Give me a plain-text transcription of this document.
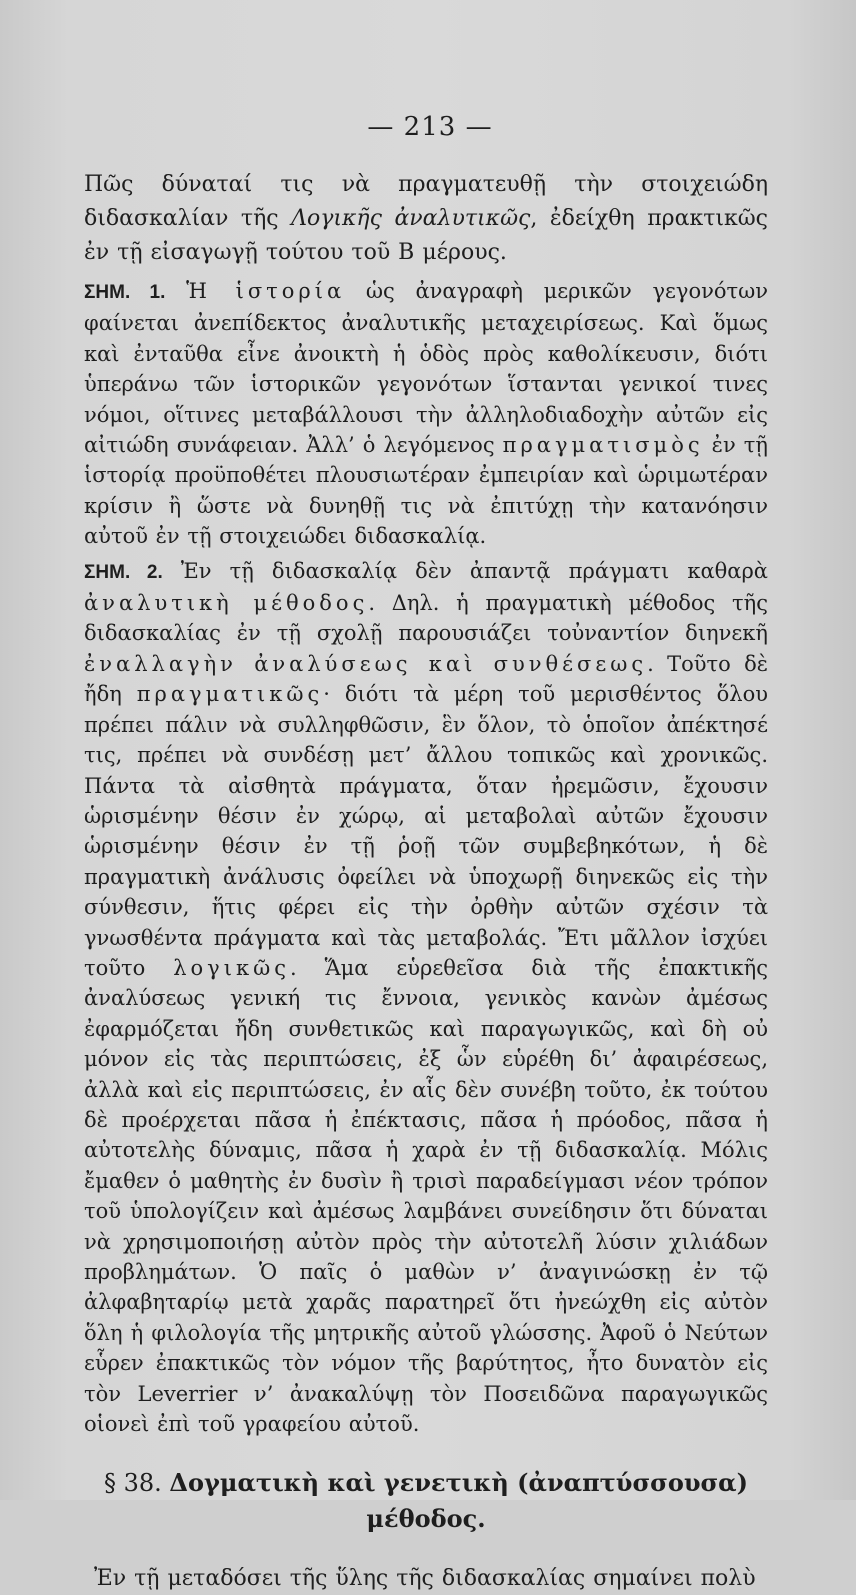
— 213 —

Πῶς δύναταί τις νὰ πραγματευθῇ τὴν στοιχειώδη διδασκαλίαν τῆς Λογικῆς ἀναλυτικῶς, ἐδείχθη πρακτικῶς ἐν τῇ εἰσαγωγῇ τούτου τοῦ Β μέρους.

ΣΗΜ. 1. Ἡ ἱστορία ὡς ἀναγραφὴ μερικῶν γεγονότων φαίνεται ἀνεπίδεκτος ἀναλυτικῆς μεταχειρίσεως. Καὶ ὅμως καὶ ἐνταῦθα εἶνε ἀνοικτὴ ἡ ὁδὸς πρὸς καθολίκευσιν, διότι ὑπεράνω τῶν ἱστορικῶν γεγονότων ἵστανται γενικοί τινες νόμοι, οἵτινες μεταβάλλουσι τὴν ἀλληλοδιαδοχὴν αὐτῶν εἰς αἰτιώδη συνάφειαν. Ἀλλ’ ὁ λεγόμενος πραγματισμὸς ἐν τῇ ἱστορίᾳ προϋποθέτει πλουσιωτέραν ἐμπειρίαν καὶ ὡριμωτέραν κρίσιν ἢ ὥστε νὰ δυνηθῇ τις νὰ ἐπιτύχῃ τὴν κατανόησιν αὐτοῦ ἐν τῇ στοιχειώδει διδασκαλίᾳ.

ΣΗΜ. 2. Ἐν τῇ διδασκαλίᾳ δὲν ἀπαντᾷ πράγματι καθαρὰ ἀναλυτικὴ μέθοδος. Δηλ. ἡ πραγματικὴ μέθοδος τῆς διδασκαλίας ἐν τῇ σχολῇ παρουσιάζει τοὐναντίον διηνεκῆ ἐναλλαγὴν ἀναλύσεως καὶ συνθέσεως. Τοῦτο δὲ ἤδη πραγματικῶς· διότι τὰ μέρη τοῦ μερισθέντος ὅλου πρέπει πάλιν νὰ συλληφθῶσιν, ἓν ὅλον, τὸ ὁποῖον ἀπέκτησέ τις, πρέπει νὰ συνδέσῃ μετ’ ἄλλου τοπικῶς καὶ χρονικῶς. Πάντα τὰ αἰσθητὰ πράγματα, ὅταν ἠρεμῶσιν, ἔχουσιν ὡρισμένην θέσιν ἐν χώρῳ, αἱ μεταβολαὶ αὐτῶν ἔχουσιν ὡρισμένην θέσιν ἐν τῇ ῥοῇ τῶν συμβεβηκότων, ἡ δὲ πραγματικὴ ἀνάλυσις ὀφείλει νὰ ὑποχωρῇ διηνεκῶς εἰς τὴν σύνθεσιν, ἥτις φέρει εἰς τὴν ὀρθὴν αὐτῶν σχέσιν τὰ γνωσθέντα πράγματα καὶ τὰς μεταβολάς. Ἔτι μᾶλλον ἰσχύει τοῦτο λογικῶς. Ἅμα εὑρεθεῖσα διὰ τῆς ἐπακτικῆς ἀναλύσεως γενική τις ἔννοια, γενικὸς κανὼν ἀμέσως ἐφαρμόζεται ἤδη συνθετικῶς καὶ παραγωγικῶς, καὶ δὴ οὐ μόνον εἰς τὰς περιπτώσεις, ἐξ ὧν εὑρέθη δι’ ἀφαιρέσεως, ἀλλὰ καὶ εἰς περιπτώσεις, ἐν αἷς δὲν συνέβη τοῦτο, ἐκ τούτου δὲ προέρχεται πᾶσα ἡ ἐπέκτασις, πᾶσα ἡ πρόοδος, πᾶσα ἡ αὐτοτελὴς δύναμις, πᾶσα ἡ χαρὰ ἐν τῇ διδασκαλίᾳ. Μόλις ἔμαθεν ὁ μαθητὴς ἐν δυσὶν ἢ τρισὶ παραδείγμασι νέον τρόπον τοῦ ὑπολογίζειν καὶ ἀμέσως λαμβάνει συνείδησιν ὅτι δύναται νὰ χρησιμοποιήσῃ αὐτὸν πρὸς τὴν αὐτοτελῆ λύσιν χιλιάδων προβλημάτων. Ὁ παῖς ὁ μαθὼν ν’ ἀναγινώσκῃ ἐν τῷ ἀλφαβηταρίῳ μετὰ χαρᾶς παρατηρεῖ ὅτι ἠνεώχθη εἰς αὐτὸν ὅλη ἡ φιλολογία τῆς μητρικῆς αὐτοῦ γλώσσης. Ἀφοῦ ὁ Νεύτων εὗρεν ἐπακτικῶς τὸν νόμον τῆς βαρύτητος, ἦτο δυνατὸν εἰς τὸν Leverrier ν’ ἀνακαλύψῃ τὸν Ποσειδῶνα παραγωγικῶς οἱονεὶ ἐπὶ τοῦ γραφείου αὐτοῦ.

§ 38. Δογματικὴ καὶ γενετικὴ (ἀναπτύσσουσα)
μέθοδος.

Ἐν τῇ μεταδόσει τῆς ὕλης τῆς διδασκαλίας σημαίνει πολὺ
